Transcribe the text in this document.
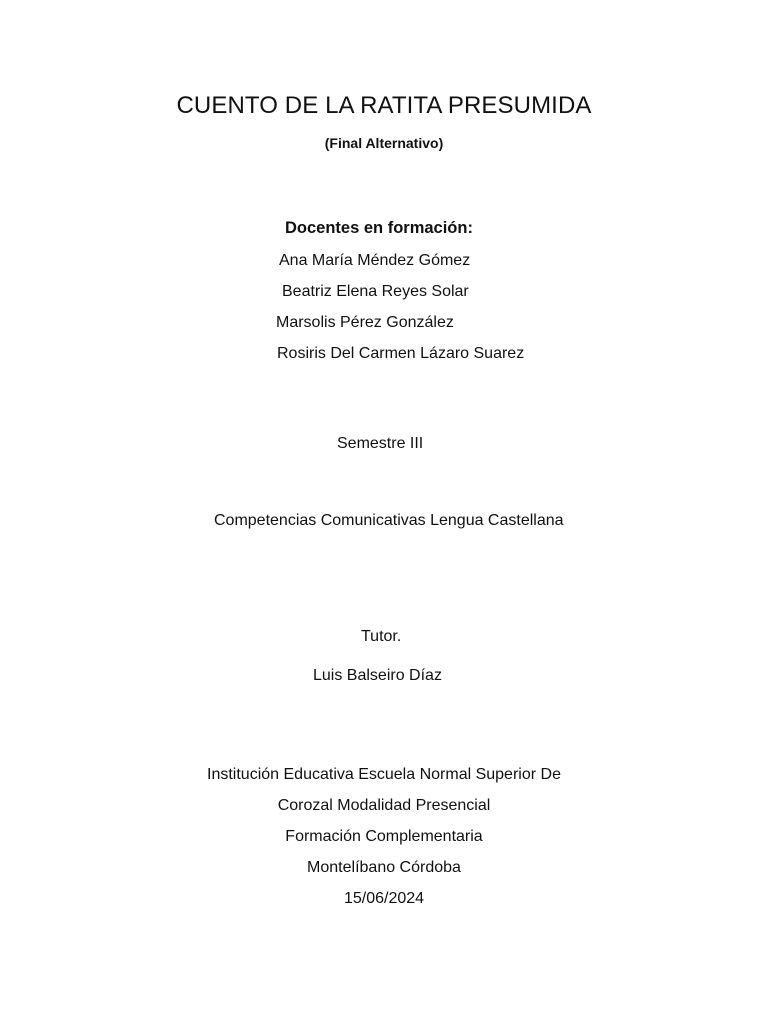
CUENTO DE LA RATITA PRESUMIDA
(Final Alternativo)
Docentes en formación:
Ana María Méndez Gómez
Beatriz Elena Reyes Solar
Marsolis Pérez González
Rosiris Del Carmen Lázaro Suarez
Semestre III
Competencias Comunicativas Lengua Castellana
Tutor.
Luis Balseiro Díaz
Institución Educativa Escuela Normal Superior De
Corozal Modalidad Presencial
Formación Complementaria
Montelíbano Córdoba
15/06/2024
